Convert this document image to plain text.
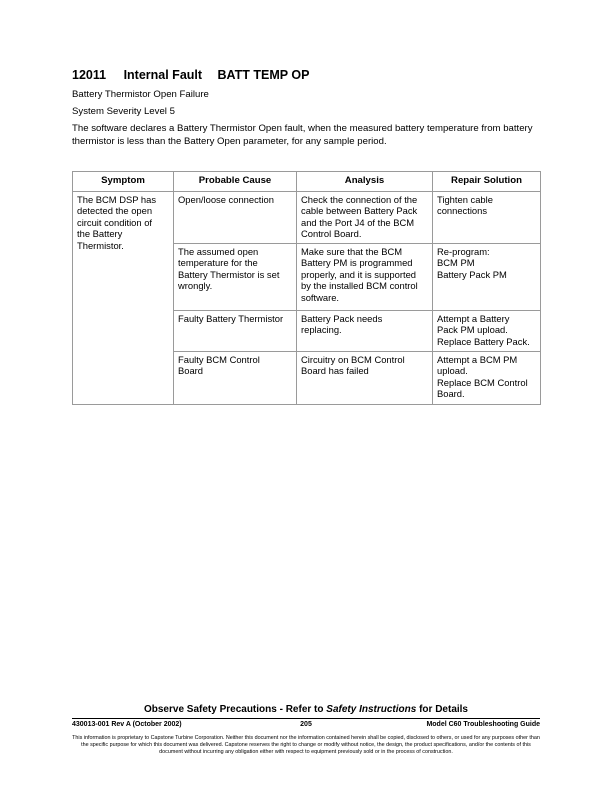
12011 Internal Fault BATT TEMP OP
Battery Thermistor Open Failure
System Severity Level 5
The software declares a Battery Thermistor Open fault, when the measured battery temperature from battery thermistor is less than the Battery Open parameter, for any sample period.
Symptom	Probable Cause	Analysis	Repair Solution

The BCM DSP has
detected the open
circuit condition of
the Battery
Thermistor.	Open/loose connection	Check the connection of the
cable between Battery Pack
and the Port J4 of the BCM
Control Board.	Tighten cable
connections

	The assumed open
temperature for the
Battery Thermistor is set
wrongly.	Make sure that the BCM
Battery PM is programmed
properly, and it is supported
by the installed BCM control
software.	Re-program:
BCM PM
Battery Pack PM

	Faulty Battery Thermistor	Battery Pack needs
replacing.	Attempt a Battery
Pack PM upload.
Replace Battery Pack.

	Faulty BCM Control
Board	Circuitry on BCM Control
Board has failed	Attempt a BCM PM
upload.
Replace BCM Control
Board.
Observe Safety Precautions - Refer to Safety Instructions for Details
430013-001 Rev A (October 2002)	205	Model C60 Troubleshooting Guide
This information is proprietary to Capstone Turbine Corporation. Neither this document nor the information contained herein shall be copied, disclosed to others, or used for any purposes other than the specific purpose for which this document was delivered. Capstone reserves the right to change or modify without notice, the design, the product specifications, and/or the contents of this document without incurring any obligation either with respect to equipment previously sold or in the process of construction.
